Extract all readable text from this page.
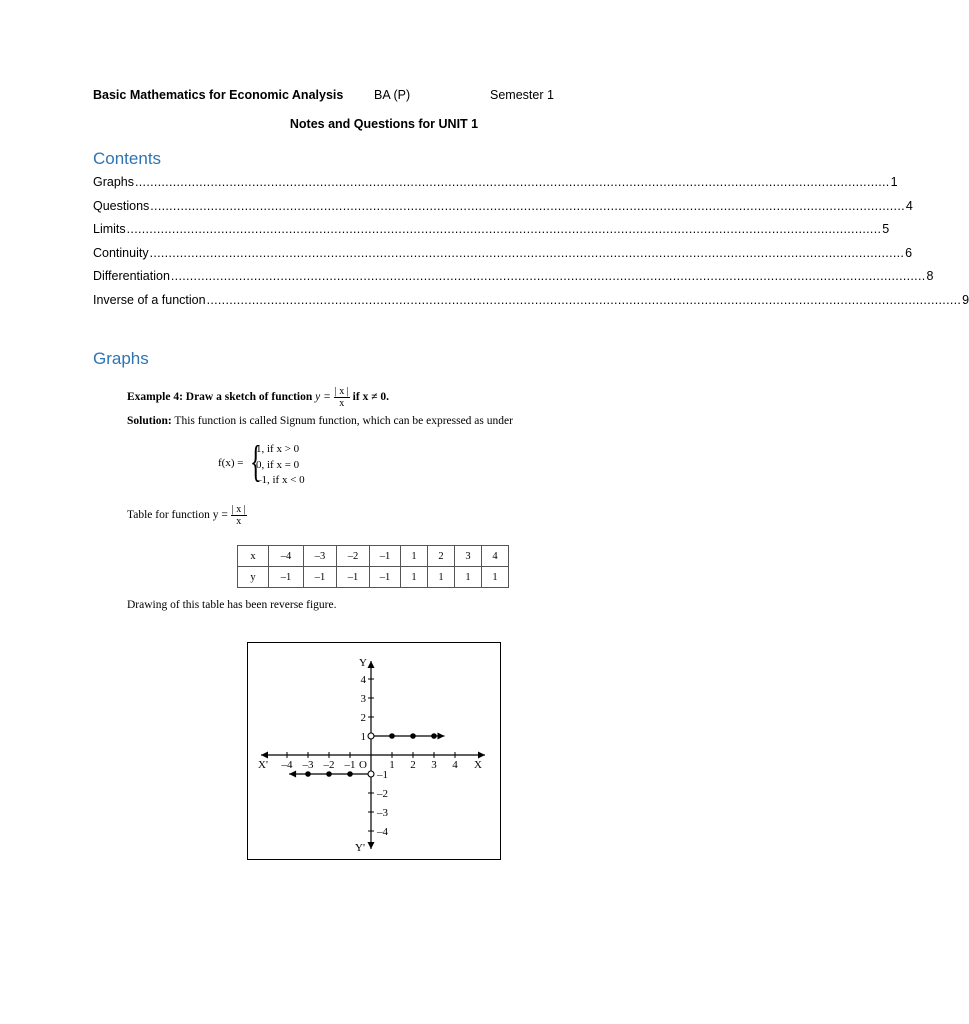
Basic Mathematics for Economic Analysis BA (P)	Semester 1
Notes and Questions for UNIT 1
Contents
Graphs ........................................................................................................................................................................................................ 1
Questions ........................................................................................................................................................................................................ 4
Limits ........................................................................................................................................................................................................ 5
Continuity ........................................................................................................................................................................................................ 6
Differentiation ........................................................................................................................................................................................................ 8
Inverse of a function ........................................................................................................................................................................................................ 9
Graphs
Example 4: Draw a sketch of function $y = \frac{| x |}{x}$ if x ≠ 0.
Solution: This function is called Signum function, which can be expressed as under
f(x) = {
1, if x > 0
0, if x = 0
–1, if x < 0
Table for function $y = \frac{| x |}{x}$
x	–4	–3	–2	–1	1	2	3	4
y	–1	–1	–1	–1	1	1	1	1
Drawing of this table has been reverse figure.
–4 –3 –2 –1	1 2 3 4
1
2
3
4
–1
–2
–3
–4
X
X'
Y
Y'
O
